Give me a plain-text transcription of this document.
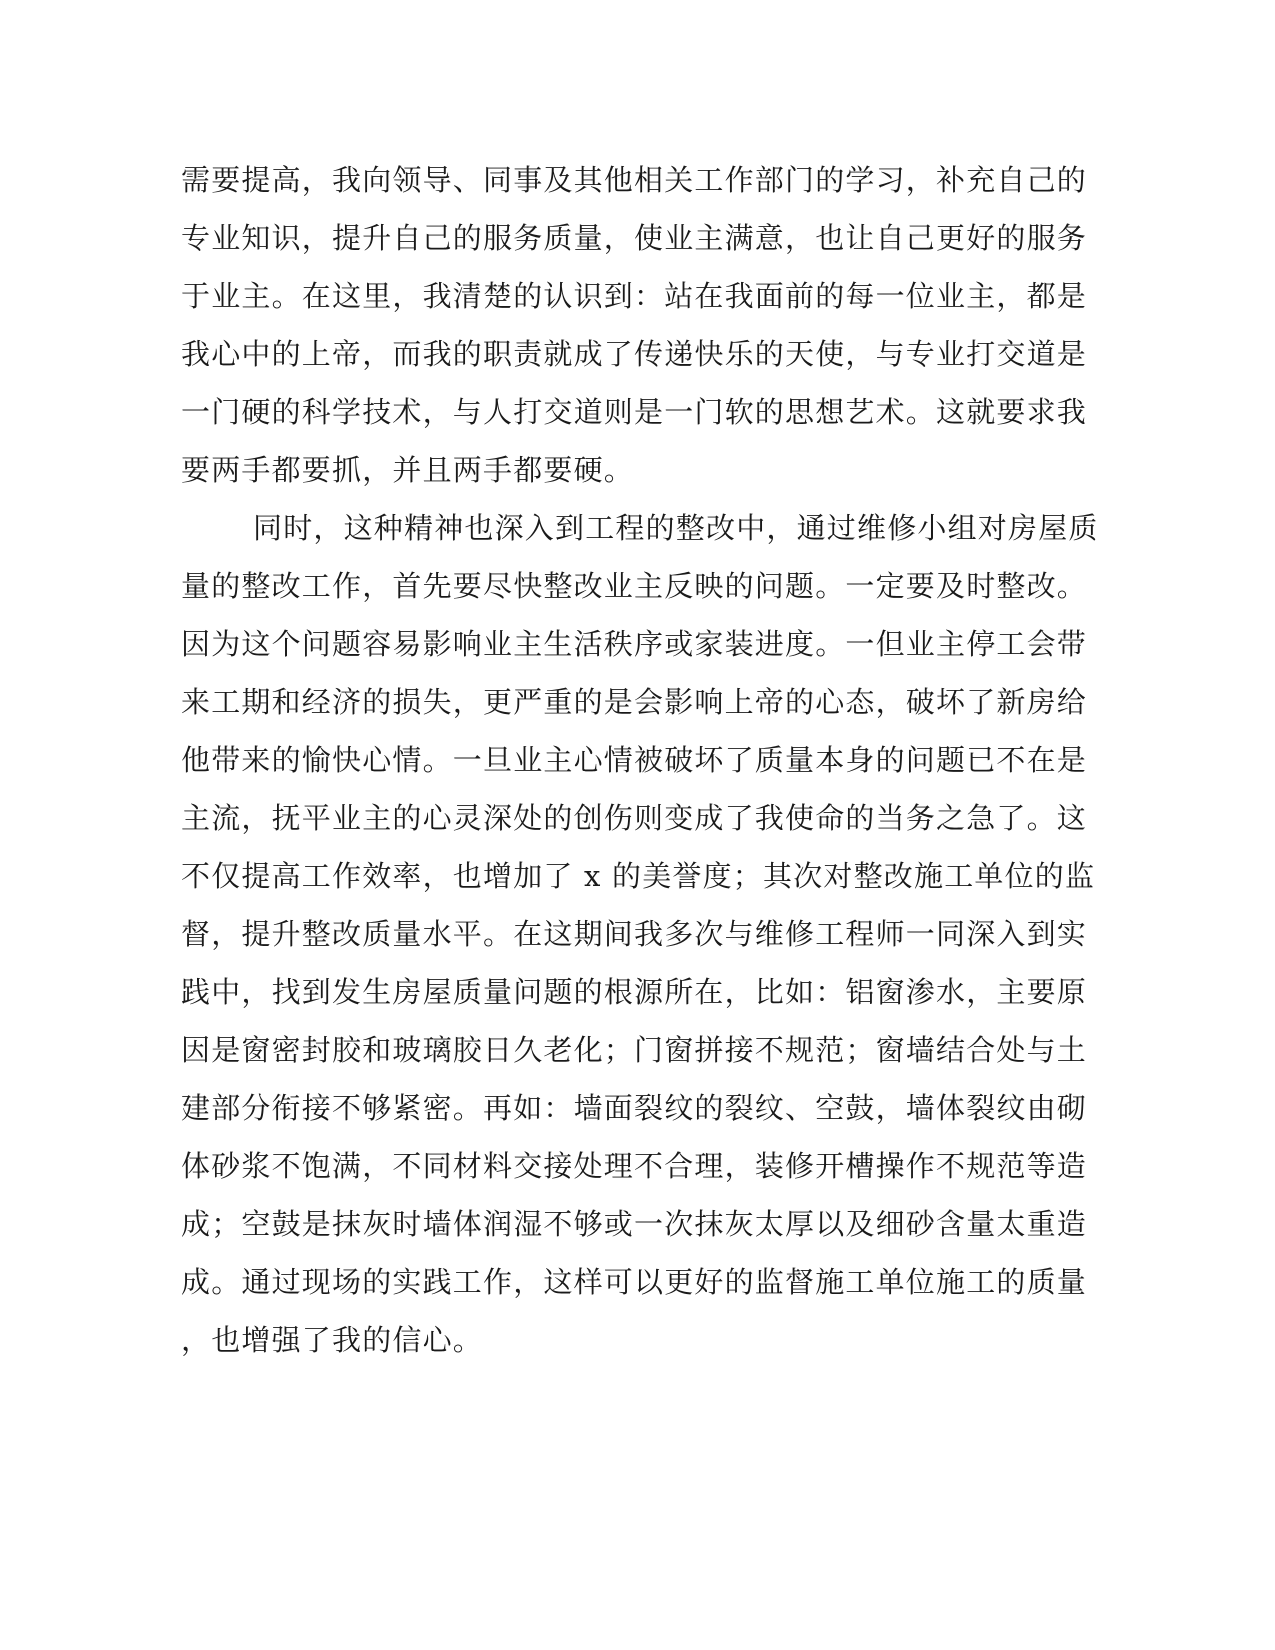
需要提高，我向领导、同事及其他相关工作部门的学习，补充自己的
专业知识，提升自己的服务质量，使业主满意，也让自己更好的服务
于业主。在这里，我清楚的认识到：站在我面前的每一位业主，都是
我心中的上帝，而我的职责就成了传递快乐的天使，与专业打交道是
一门硬的科学技术，与人打交道则是一门软的思想艺术。这就要求我
要两手都要抓，并且两手都要硬。
同时，这种精神也深入到工程的整改中，通过维修小组对房屋质
量的整改工作，首先要尽快整改业主反映的问题。一定要及时整改。
因为这个问题容易影响业主生活秩序或家装进度。一但业主停工会带
来工期和经济的损失，更严重的是会影响上帝的心态，破坏了新房给
他带来的愉快心情。一旦业主心情被破坏了质量本身的问题已不在是
主流，抚平业主的心灵深处的创伤则变成了我使命的当务之急了。这
不仅提高工作效率，也增加了 x 的美誉度；其次对整改施工单位的监
督，提升整改质量水平。在这期间我多次与维修工程师一同深入到实
践中，找到发生房屋质量问题的根源所在，比如：铝窗渗水，主要原
因是窗密封胶和玻璃胶日久老化；门窗拼接不规范；窗墙结合处与土
建部分衔接不够紧密。再如：墙面裂纹的裂纹、空鼓，墙体裂纹由砌
体砂浆不饱满，不同材料交接处理不合理，装修开槽操作不规范等造
成；空鼓是抹灰时墙体润湿不够或一次抹灰太厚以及细砂含量太重造
成。通过现场的实践工作，这样可以更好的监督施工单位施工的质量
，也增强了我的信心。
